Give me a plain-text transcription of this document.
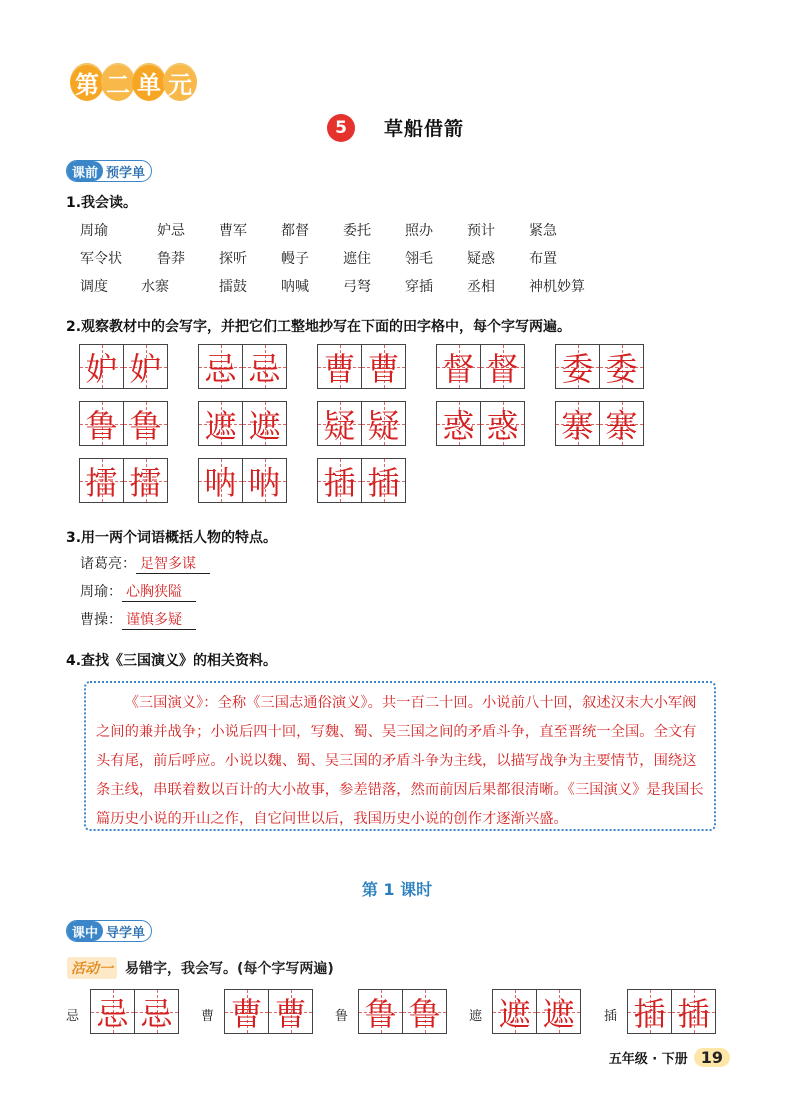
第 二 单 元
5	草船借箭
课前 预学单
1.我会读。
周瑜	妒忌 曹军 都督 委托 照办 预计 紧急
军令状	鲁莽 探听 幔子 遮住 翎毛 疑惑 布置
调度 水寨	擂鼓 呐喊 弓弩 穿插 丞相 神机妙算
2.观察教材中的会写字，并把它们工整地抄写在下面的田字格中，每个字写两遍。
妒 妒 忌 忌 曹 曹 督 督 委 委
鲁 鲁 遮 遮 疑 疑 惑 惑 寨 寨
擂 擂 呐 呐 插 插
3.用一两个词语概括人物的特点。
诸葛亮： 足智多谋
周瑜： 心胸狭隘
曹操： 谨慎多疑
4.查找《三国演义》的相关资料。
《三国演义》：全称《三国志通俗演义》。共一百二十回。小说前八十回，叙述汉末大小军阀之间的兼并战争；小说后四十回，写魏、蜀、吴三国之间的矛盾斗争，直至晋统一全国。全文有头有尾，前后呼应。小说以魏、蜀、吴三国的矛盾斗争为主线，以描写战争为主要情节，围绕这条主线，串联着数以百计的大小故事，参差错落，然而前因后果都很清晰。《三国演义》是我国长篇历史小说的开山之作，自它问世以后，我国历史小说的创作才逐渐兴盛。
第 1 课时
课中 导学单
活动一 易错字，我会写。(每个字写两遍)
忌 忌 忌 曹 曹 曹 鲁 鲁 鲁 遮 遮 遮 插 插 插
五年级 · 下册 19
